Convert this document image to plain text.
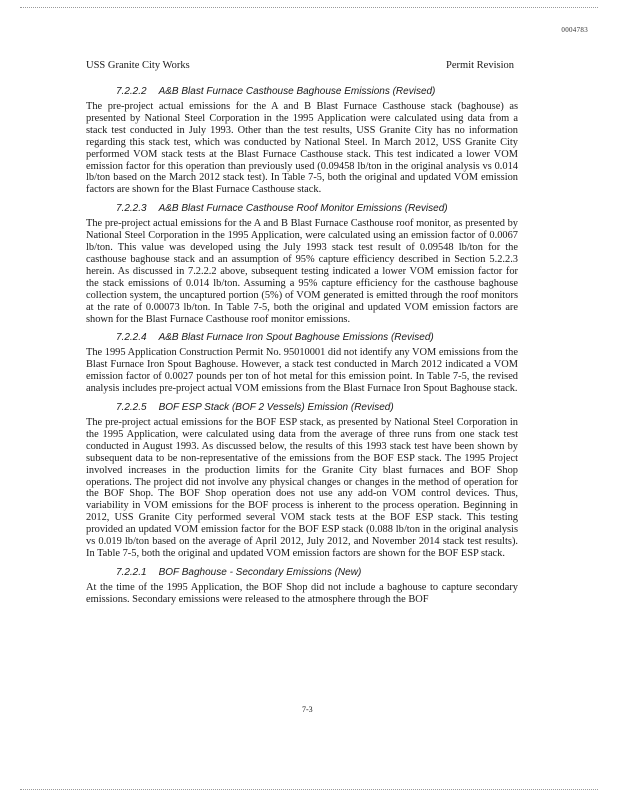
0004783
USS Granite City Works	Permit Revision
7.2.2.2 A&B Blast Furnace Casthouse Baghouse Emissions (Revised)

The pre-project actual emissions for the A and B Blast Furnace Casthouse stack (baghouse) as presented by National Steel Corporation in the 1995 Application were calculated using data from a stack test conducted in July 1993. Other than the test results, USS Granite City has no information regarding this stack test, which was conducted by National Steel. In March 2012, USS Granite City performed VOM stack tests at the Blast Furnace Casthouse stack. This test indicated a lower VOM emission factor for this operation than previously used (0.09458 lb/ton in the original analysis vs 0.014 lb/ton based on the March 2012 stack test). In Table 7-5, both the original and updated VOM emission factors are shown for the Blast Furnace Casthouse stack.

7.2.2.3 A&B Blast Furnace Casthouse Roof Monitor Emissions (Revised)

The pre-project actual emissions for the A and B Blast Furnace Casthouse roof monitor, as presented by National Steel Corporation in the 1995 Application, were calculated using an emission factor of 0.0067 lb/ton. This value was developed using the July 1993 stack test result of 0.09548 lb/ton for the casthouse baghouse stack and an assumption of 95% capture efficiency described in Section 5.2.2.3 herein. As discussed in 7.2.2.2 above, subsequent testing indicated a lower VOM emission factor for the stack emissions of 0.014 lb/ton. Assuming a 95% capture efficiency for the casthouse baghouse collection system, the uncaptured portion (5%) of VOM generated is emitted through the roof monitors at the rate of 0.00073 lb/ton. In Table 7-5, both the original and updated VOM emission factors are shown for the Blast Furnace Casthouse roof monitor emissions.

7.2.2.4 A&B Blast Furnace Iron Spout Baghouse Emissions (Revised)

The 1995 Application Construction Permit No. 95010001 did not identify any VOM emissions from the Blast Furnace Iron Spout Baghouse. However, a stack test conducted in March 2012 indicated a VOM emission factor of 0.0027 pounds per ton of hot metal for this emission point. In Table 7-5, the revised analysis includes pre-project actual VOM emissions from the Blast Furnace Iron Spout Baghouse stack.

7.2.2.5 BOF ESP Stack (BOF 2 Vessels) Emission (Revised)

The pre-project actual emissions for the BOF ESP stack, as presented by National Steel Corporation in the 1995 Application, were calculated using data from the average of three runs from one stack test conducted in August 1993. As discussed below, the results of this 1993 stack test have been shown by subsequent data to be non-representative of the emissions from the BOF ESP stack. The 1995 Project involved increases in the production limits for the Granite City blast furnaces and BOF Shop operations. The project did not involve any physical changes or changes in the method of operation for the BOF Shop. The BOF Shop operation does not use any add-on VOM control devices. Thus, variability in VOM emissions for the BOF process is inherent to the process operation. Beginning in 2012, USS Granite City performed several VOM stack tests at the BOF ESP stack. This testing provided an updated VOM emission factor for the BOF ESP stack (0.088 lb/ton in the original analysis vs 0.019 lb/ton based on the average of April 2012, July 2012, and November 2014 stack test results). In Table 7-5, both the original and updated VOM emission factors are shown for the BOF ESP stack.

7.2.2.1 BOF Baghouse - Secondary Emissions (New)

At the time of the 1995 Application, the BOF Shop did not include a baghouse to capture secondary emissions. Secondary emissions were released to the atmosphere through the BOF

7-3
